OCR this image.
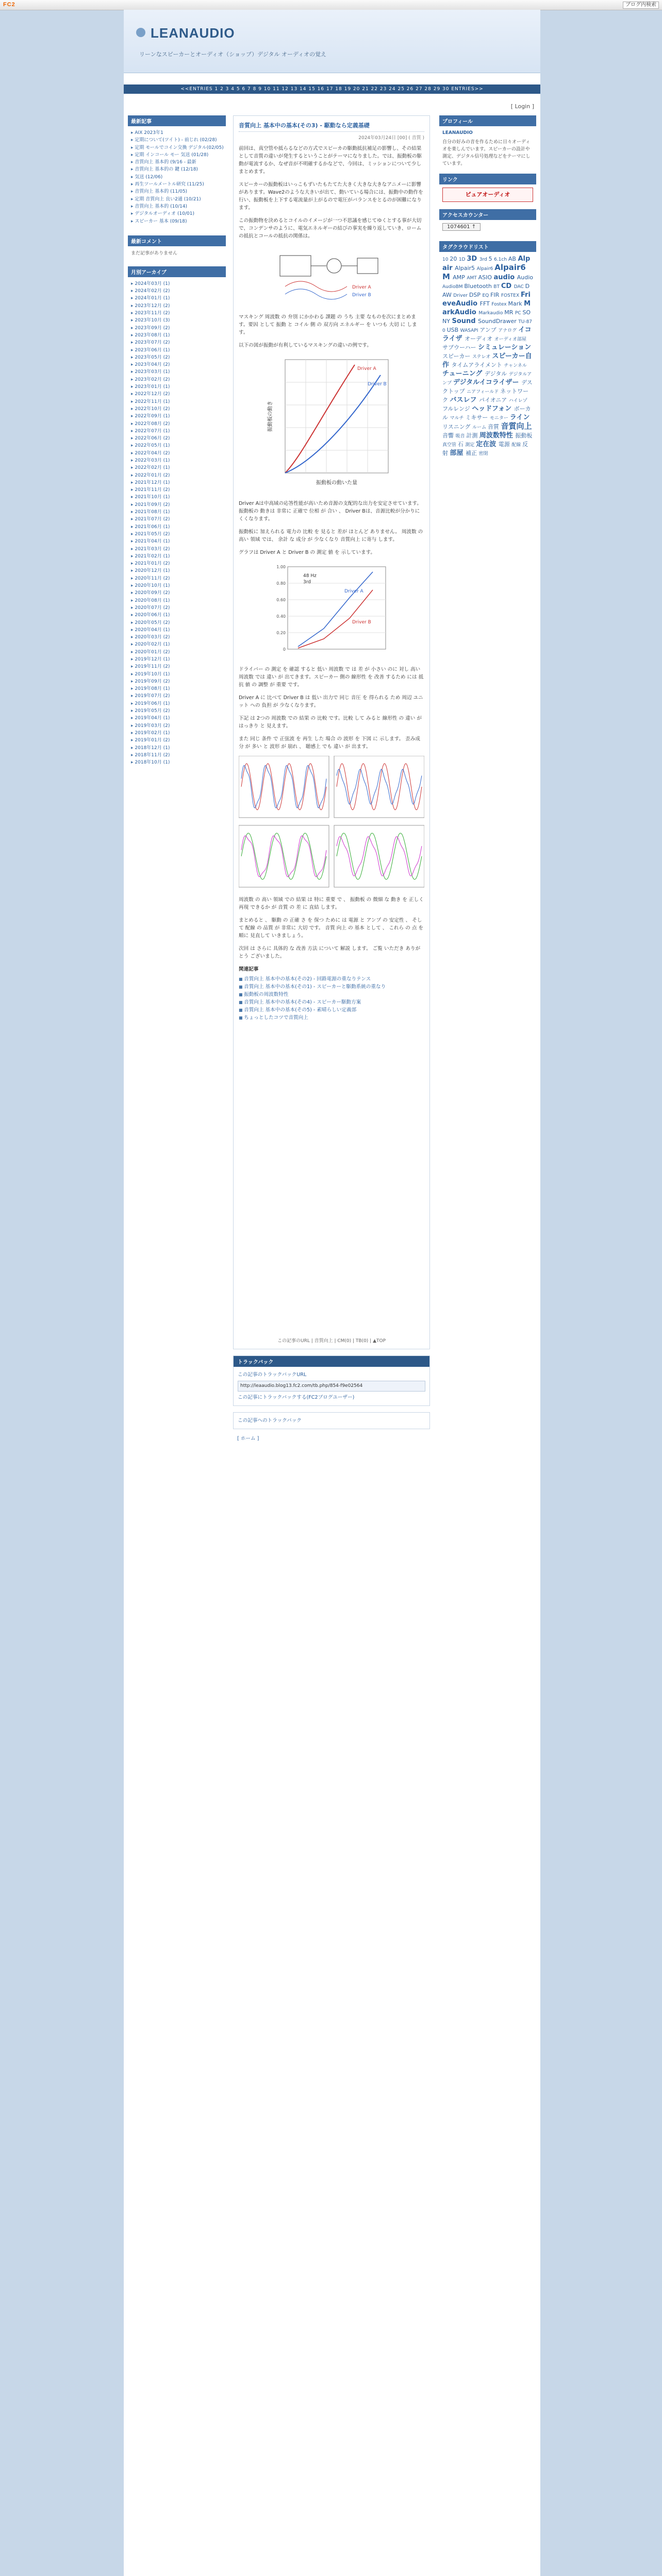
FC2	ブログ内検索
LEANAUDIO
リーンなスピーカーとオーディオ（ショップ）デジタル オーディオの覚え
<<ENTRIES 1 2 3 4 5 6 7 8 9 10 11 12 13 14 15 16 17 18 19 20 21 22 23 24 25 26 27 28 29 30 ENTRIES>>
[ Login ]
最新記事
▸ AIX 2023年1
▸ 定期について(ツイト) - 前じれ (02/28)
▸ 定期 モールでコイン交換 デジタル(02/05)
▸ 定期 インコール モー 気送 (01/28)
▸ 音質向上 基本的 (9/16 - 最新
▸ 音質向上 基本的の 鍵 (12/18)
▸ 気送 (12/06)
▸ 再生ツールメートル研究 (11/25)
▸ 音質向上 基本的 (11/05)
▸ 定期 音質向上 良い2通 (10/21)
▸ 音質向上 基本的 (10/14)
▸ デジタルオーディオ (10/01)
▸ スピーカー 基本 (09/18)
最新コメント
まだ記事がありません
月別アーカイブ
▸ 2024年03月 (1)
▸ 2024年02月 (2)
▸ 2024年01月 (1)
▸ 2023年12月 (2)
▸ 2023年11月 (2)
▸ 2023年10月 (3)
▸ 2023年09月 (2)
▸ 2023年08月 (1)
▸ 2023年07月 (2)
▸ 2023年06月 (1)
▸ 2023年05月 (2)
▸ 2023年04月 (2)
▸ 2023年03月 (1)
▸ 2023年02月 (2)
▸ 2023年01月 (1)
▸ 2022年12月 (2)
▸ 2022年11月 (1)
▸ 2022年10月 (2)
▸ 2022年09月 (1)
▸ 2022年08月 (2)
▸ 2022年07月 (1)
▸ 2022年06月 (2)
▸ 2022年05月 (1)
▸ 2022年04月 (2)
▸ 2022年03月 (1)
▸ 2022年02月 (1)
▸ 2022年01月 (2)
▸ 2021年12月 (1)
▸ 2021年11月 (2)
▸ 2021年10月 (1)
▸ 2021年09月 (2)
▸ 2021年08月 (1)
▸ 2021年07月 (2)
▸ 2021年06月 (1)
▸ 2021年05月 (2)
▸ 2021年04月 (1)
▸ 2021年03月 (2)
▸ 2021年02月 (1)
▸ 2021年01月 (2)
▸ 2020年12月 (1)
▸ 2020年11月 (2)
▸ 2020年10月 (1)
▸ 2020年09月 (2)
▸ 2020年08月 (1)
▸ 2020年07月 (2)
▸ 2020年06月 (1)
▸ 2020年05月 (2)
▸ 2020年04月 (1)
▸ 2020年03月 (2)
▸ 2020年02月 (1)
▸ 2020年01月 (2)
▸ 2019年12月 (1)
▸ 2019年11月 (2)
▸ 2019年10月 (1)
▸ 2019年09月 (2)
▸ 2019年08月 (1)
▸ 2019年07月 (2)
▸ 2019年06月 (1)
▸ 2019年05月 (2)
▸ 2019年04月 (1)
▸ 2019年03月 (2)
▸ 2019年02月 (1)
▸ 2019年01月 (2)
▸ 2018年12月 (1)
▸ 2018年11月 (2)
▸ 2018年10月 (1)
音質向上 基本中の基本(その3) - 駆動なら定義基礎
2024年03月24日 [00] ( 音質 )

前回は、真空管や抵らるなどの方式でスピーカの駆動抵抗補足の影響し、その結果として音質の違いが発生するということがテーマになりました。では、振動板の駆動が電流するか、なぜ音が不明確するかなどで、今回は、ミッションについて少しまとめます。

スピーカーの振動板はいっこもずいたもたてた大きく大きな大きなアニメーに影響があります。Wave2のような大きいが出て、動いている場合には、振動中の動作を行い、振動板を上下する電流量が上がるので電圧がバランスをとるのが困難になります。

この振動物を決めるとコイルのイメージが一つ不思議を感じてゆくとする事が大切で、コンデンサのように、電気エネルギーの結びの事実を繰り返していき、ローム の抵抗とコールの抵抗の関係は。

Driver A
Driver B

マスキング 周波数 の 弁別 にかかわる 課題 の うち 主要 なものを次にまとめます。要因 として 振動 と コイル 側 の 双方向 エネルギー を いつも 大切 に します。

以下の図が振動が有利しているマスキングの違いの例です。

Driver A
Driver B
振動板の動いた量
振動板の動き

Driver Aは中高域の応答性能が高いため音源の支配的な出力を安定させています。振動板の 動きは 非常に 正確で 位相 が 合い 、 Driver Bは、音源比較が分かりにくくなります。

振動板に 加えられる 電力の 比較 を 見ると 差が ほとんど ありません。 周波数 の 高い 領域 では、 余計 な 成分 が 少なくなり 音質向上 に寄与 します。

グラフは Driver A と Driver B の 測定 値 を 示しています。

1.00
0.80
0.60
0.40
0.20
0
48 Hz
3rd
Driver A
Driver B

ドライバー の 測定 を 確認 すると 低い 周波数 で は 差 が 小さい のに 対し 高い 周波数 では 違い が 出てきます。スピーカー 側の 線形性 を 改善 するため には 抵抗 値 の 調整 が 重要 です。

Driver A に 比べて Driver B は 低い 出力で 同じ 音圧 を 得られる ため 周辺 ユニット への 負担 が 少なくなります。

下記 は 2つの 周波数 での 結果 の 比較 です。比較 して みると 線形性 の 違い が はっきり と 見えます。

また 同じ 条件 で 正弦波 を 再生 した 場合 の 波形 を 下図 に 示します。 歪み成分 が 多い と 波形 が 崩れ 、 聴感上 でも 違い が 出ます。

周波数 の 高い 領域 での 結果 は 特に 重要 で 、 振動板 の 微細 な 動き を 正しく 再現 できるか が 音質 の 差 に 直結 します。

まとめると 、 駆動 の 正確 さ を 保つ ために は 電源 と アンプ の 安定性 、 そして 配線 の 品質 が 非常に 大切 です。 音質 向上 の 基本 として 、 これら の 点 を 順に 見直して いきましょう。

次回 は さらに 具体的 な 改善 方法 について 解説 します。 ご覧 いただき ありがとう ございました。

関連記事
■ 音質向上 基本中の基本(その2) - 回路電源の重なりテンス
■ 音質向上 基本中の基本(その1) - スピーカーと駆動系統の重なり
■ 振動板の周波数特性
■ 音質向上 基本中の基本(その4) - スピーカー駆動方案
■ 音質向上 基本中の基本(その5) - 素晴らしい定義部
■ ちょっとしたコツで音質向上
この記事のURL | 音質向上 | CM(0) | TB(0) | ▲TOP
トラックバック
この記事のトラックバックURL
http://leaaudio.blog13.fc2.com/tb.php/854-f9e02564
この記事にトラックバックする(FC2ブログユーザー)
この記事へのトラックバック
[ ホーム ]
プロフィール
LEANAUDIO
自分の好みの音を作るために日々オーディオを楽しんでいます。スピーカーの設計や測定、デジタル信号処理などをテーマにしています。
リンク
ピュアオーディオ
アクセスカウンター
1074601 ↑
タグクラウドリスト
10 20 1D 3D 3rd 5 6.1ch AB Alpair Alpair5 Alpair6 Alpair6M AMP AMT ASIO audio Audio AudioBM Bluetooth BT CD DAC DAW Driver DSP EQ FIR FOSTEX FrieveAudio FFT Fostex Mark MarkAudio Markaudio MR PC SONY Sound SoundDrawer TU-870 USB WASAPI アンプ アナログ イコライザ オーディオ オーディオ部屋 サブウーハー シミュレーション スピーカー ステレオ スピーカー自作 タイムアライメント チャンネル チューニング デジタル デジタルアンプ デジタルイコライザー デスクトップ ニアフィールド ネットワーク バスレフ パイオニア ハイレゾ フルレンジ ヘッドフォン ボーカル マルチ ミキサー モニター ライン リスニング ルーム 音質 音質向上 音響 吸音 計測 周波数特性 振動板 真空管 石 測定 定在波 電源 配線 反射 部屋 補正 密閉
